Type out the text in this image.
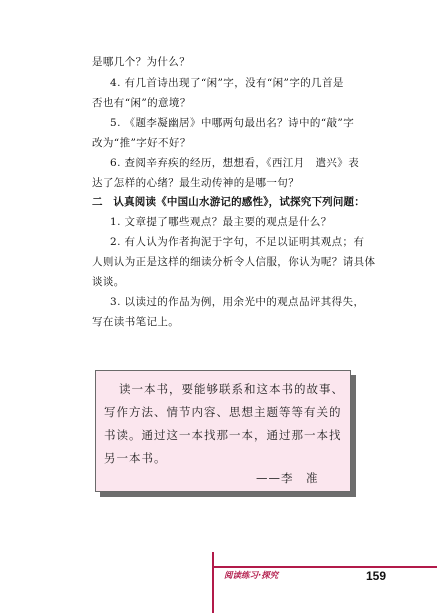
是哪几个？为什么？
4. 有几首诗出现了“闲”字，没有“闲”字的几首是
否也有“闲”的意境？
5. 《题李凝幽居》中哪两句最出名？诗中的“敲”字
改为“推”字好不好？
6. 查阅辛弃疾的经历，想想看，《西江月　遣兴》表
达了怎样的心绪？最生动传神的是哪一句？
二　认真阅读《中国山水游记的感性》，试探究下列问题：
1. 文章提了哪些观点？最主要的观点是什么？
2. 有人认为作者拘泥于字句，不足以证明其观点；有
人则认为正是这样的细读分析令人信服，你认为呢？请具体
谈谈。
3. 以读过的作品为例，用余光中的观点品评其得失，
写在读书笔记上。
读一本书，要能够联系和这本书的故事、
写作方法、情节内容、思想主题等等有关的
书读。通过这一本找那一本，通过那一本找
另一本书。
——李　准
阅读练习·探究	159
